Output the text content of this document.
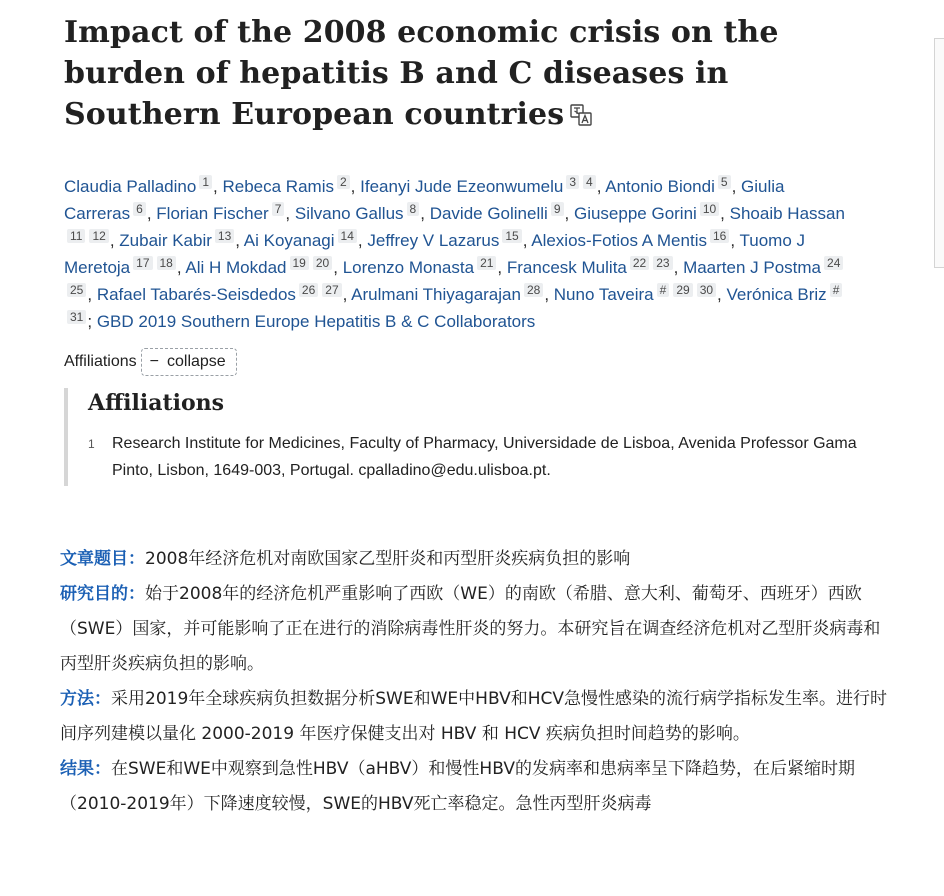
Impact of the 2008 economic crisis on the burden of hepatitis B and C diseases in Southern European countries
Claudia Palladino 1 , Rebeca Ramis 2 , Ifeanyi Jude Ezeonwumelu 3 4 , Antonio Biondi 5 , Giulia Carreras 6 , Florian Fischer 7 , Silvano Gallus 8 , Davide Golinelli 9 , Giuseppe Gorini 10 , Shoaib Hassan11 12 , Zubair Kabir 13 , Ai Koyanagi 14 , Jeffrey V Lazarus 15 , Alexios-Fotios A Mentis 16 , Tuomo J Meretoja 17 18 , Ali H Mokdad 19 20 , Lorenzo Monasta 21 , Francesk Mulita 22 23 , Maarten J Postma 2425 , Rafael Tabarés-Seisdedos 26 27 , Arulmani Thiyagarajan 28 , Nuno Taveira # 29 30 , Verónica Briz #31 ; GBD 2019 Southern Europe Hepatitis B & C Collaborators
Affiliations − collapse
Affiliations
1	Research Institute for Medicines, Faculty of Pharmacy, Universidade de Lisboa, Avenida Professor Gama Pinto, Lisbon, 1649-003, Portugal. cpalladino@edu.ulisboa.pt.

文章题目：2008年经济危机对南欧国家乙型肝炎和丙型肝炎疾病负担的影响

研究目的：始于2008年的经济危机严重影响了西欧（WE）的南欧（希腊、意大利、葡萄牙、西班牙）西欧（SWE）国家，并可能影响了正在进行的消除病毒性肝炎的努力。本研究旨在调查经济危机对乙型肝炎病毒和丙型肝炎疾病负担的影响。

方法：采用2019年全球疾病负担数据分析SWE和WE中HBV和HCV急慢性感染的流行病学指标发生率。进行时间序列建模以量化 2000-2019 年医疗保健支出对 HBV 和 HCV 疾病负担时间趋势的影响。

结果：在SWE和WE中观察到急性HBV（aHBV）和慢性HBV的发病率和患病率呈下降趋势，在后紧缩时期（2010-2019年）下降速度较慢，SWE的HBV死亡率稳定。急性丙型肝炎病毒
